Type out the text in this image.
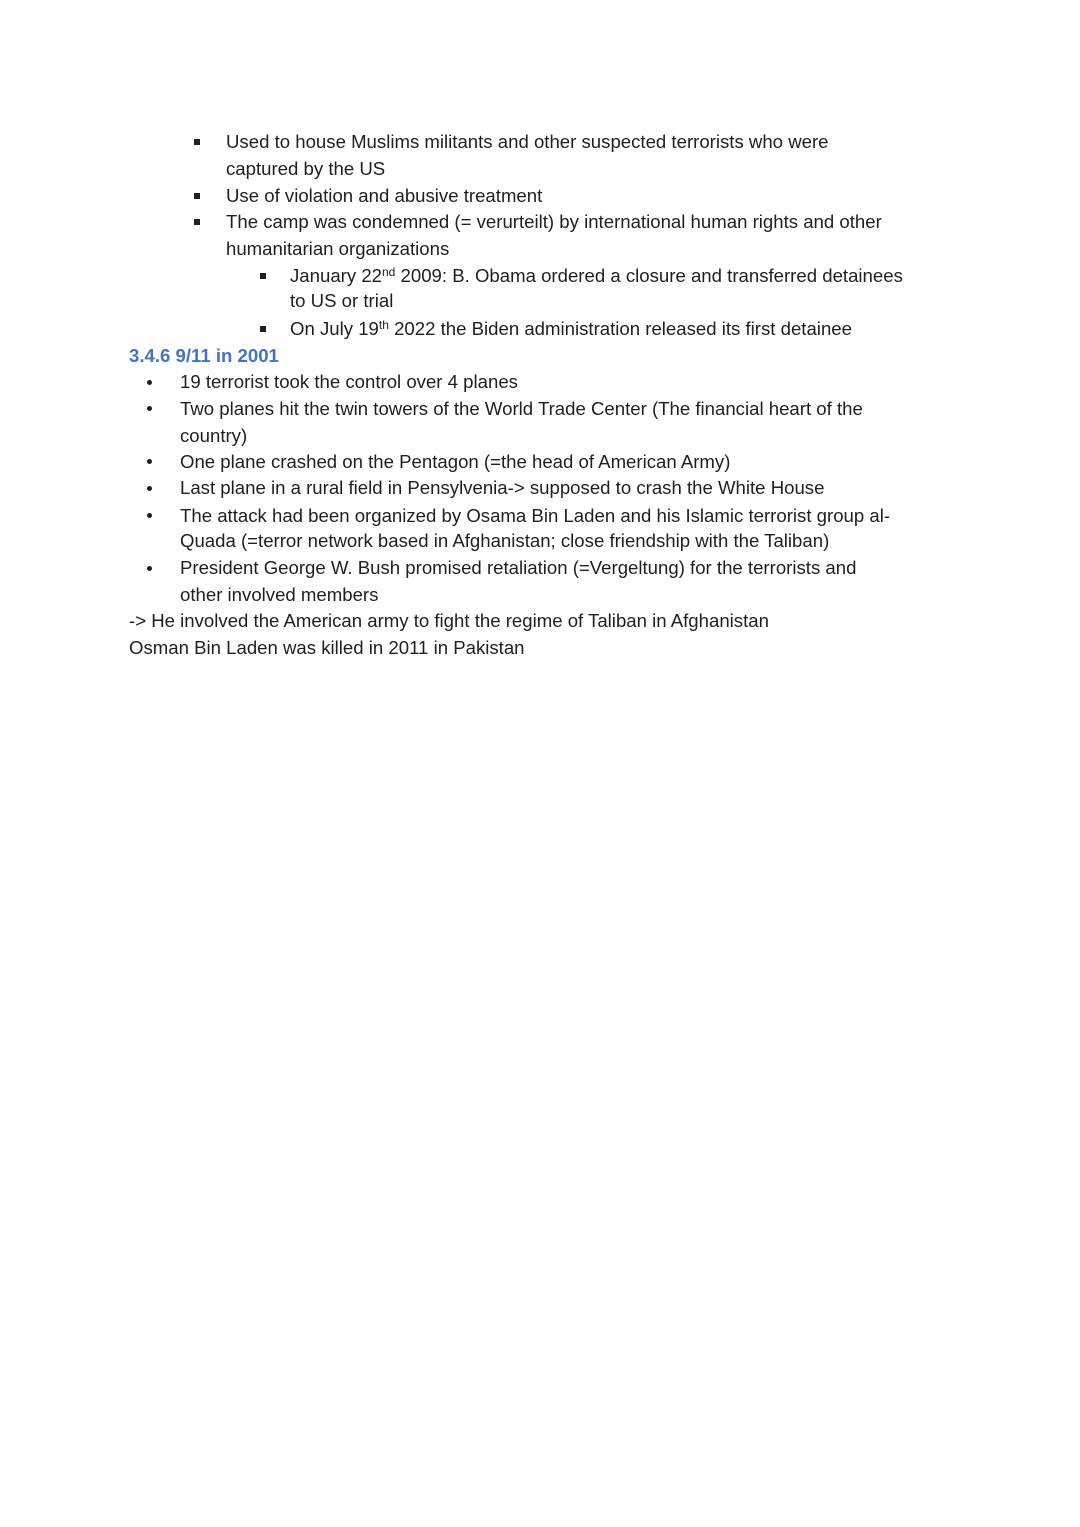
Used to house Muslims militants and other suspected terrorists who were
captured by the US
Use of violation and abusive treatment
The camp was condemned (= verurteilt) by international human rights and other
humanitarian organizations
January 22nd 2009: B. Obama ordered a closure and transferred detainees
to US or trial
On July 19th 2022 the Biden administration released its first detainee
3.4.6 9/11 in 2001
19 terrorist took the control over 4 planes
Two planes hit the twin towers of the World Trade Center (The financial heart of the
country)
One plane crashed on the Pentagon (=the head of American Army)
Last plane in a rural field in Pensylvenia-> supposed to crash the White House
The attack had been organized by Osama Bin Laden and his Islamic terrorist group al-
Quada (=terror network based in Afghanistan; close friendship with the Taliban)
President George W. Bush promised retaliation (=Vergeltung) for the terrorists and
other involved members
-> He involved the American army to fight the regime of Taliban in Afghanistan
Osman Bin Laden was killed in 2011 in Pakistan
